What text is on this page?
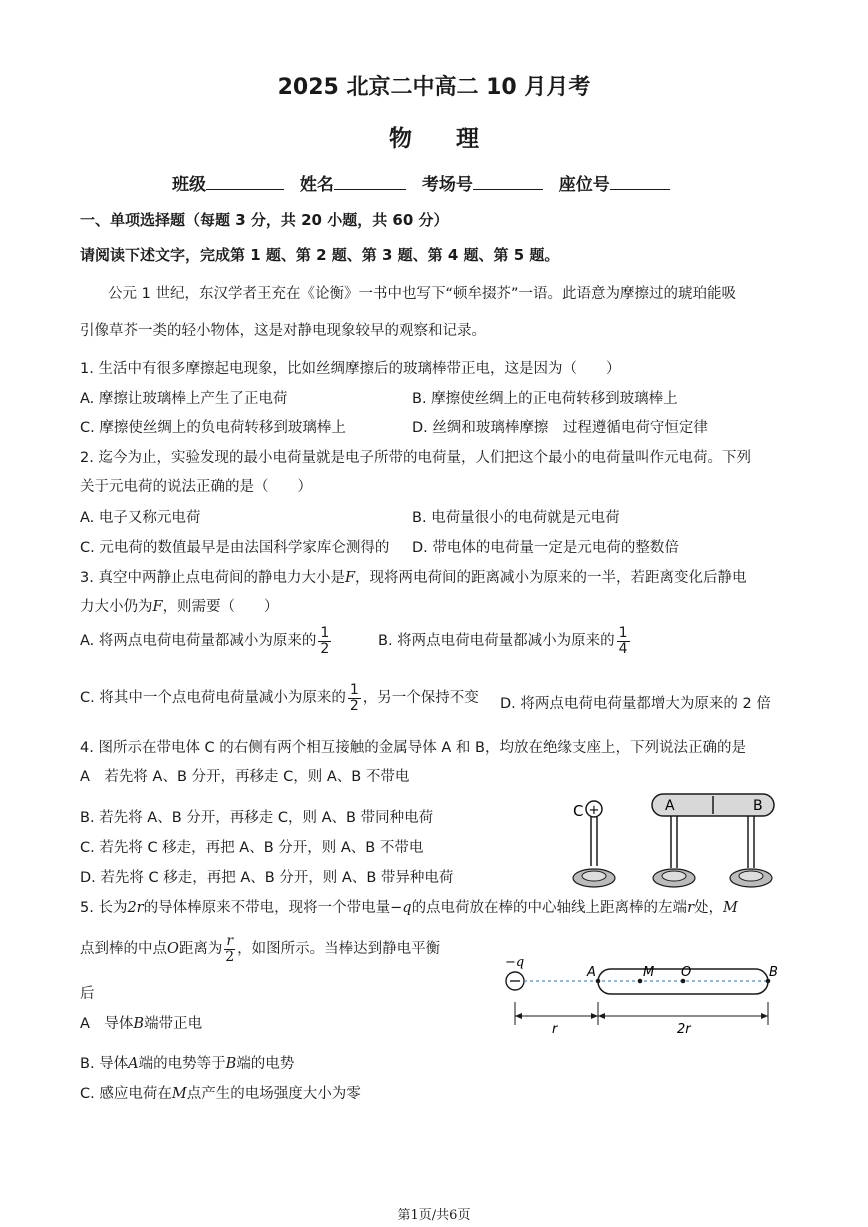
2025 北京二中高二 10 月月考
物理
班级	姓名	考场号	座位号
一、单项选择题（每题 3 分，共 20 小题，共 60 分）
请阅读下述文字，完成第 1 题、第 2 题、第 3 题、第 4 题、第 5 题。
公元 1 世纪，东汉学者王充在《论衡》一书中也写下“顿牟掇芥”一语。此语意为摩擦过的琥珀能吸
引像草芥一类的轻小物体，这是对静电现象较早的观察和记录。
1. 生活中有很多摩擦起电现象，比如丝绸摩擦后的玻璃棒带正电，这是因为（　　）
A. 摩擦让玻璃棒上产生了正电荷	B. 摩擦使丝绸上的正电荷转移到玻璃棒上
C. 摩擦使丝绸上的负电荷转移到玻璃棒上	D. 丝绸和玻璃棒摩擦　过程遵循电荷守恒定律
2. 迄今为止，实验发现的最小电荷量就是电子所带的电荷量，人们把这个最小的电荷量叫作元电荷。下列
关于元电荷的说法正确的是（　　）
A. 电子又称元电荷	B. 电荷量很小的电荷就是元电荷
C. 元电荷的数值最早是由法国科学家库仑测得的 D. 带电体的电荷量一定是元电荷的整数倍
3. 真空中两静止点电荷间的静电力大小是F，现将两电荷间的距离减小为原来的一半，若距离变化后静电
力大小仍为F，则需要（　　）
A. 将两点电荷电荷量都减小为原来的 $\frac{1}{2}$	B. 将两点电荷电荷量都减小为原来的 $\frac{1}{4}$
C. 将其中一个点电荷电荷量减小为原来的 $\frac{1}{2}$ ，另一个保持不变 D. 将两点电荷电荷量都增大为原来的 2 倍
4. 图所示在带电体 C 的右侧有两个相互接触的金属导体 A 和 B，均放在绝缘支座上，下列说法正确的是
A　若先将 A、B 分开，再移走 C，则 A、B 不带电
B. 若先将 A、B 分开，再移走 C，则 A、B 带同种电荷
C. 若先将 C 移走，再把 A、B 分开，则 A、B 不带电
D. 若先将 C 移走，再把 A、B 分开，则 A、B 带异种电荷
C +	A	B
5. 长为2r的导体棒原来不带电，现将一个带电量−q的点电荷放在棒的中心轴线上距离棒的左端r处，M
点到棒的中点O距离为 $\frac{r}{2}$ ，如图所示。当棒达到静电平衡
后
A　导体B端带正电
B. 导体A端的电势等于B端的电势
C. 感应电荷在M点产生的电场强度大小为零
−q
A	M O	B
r	2r
第1页/共6页
